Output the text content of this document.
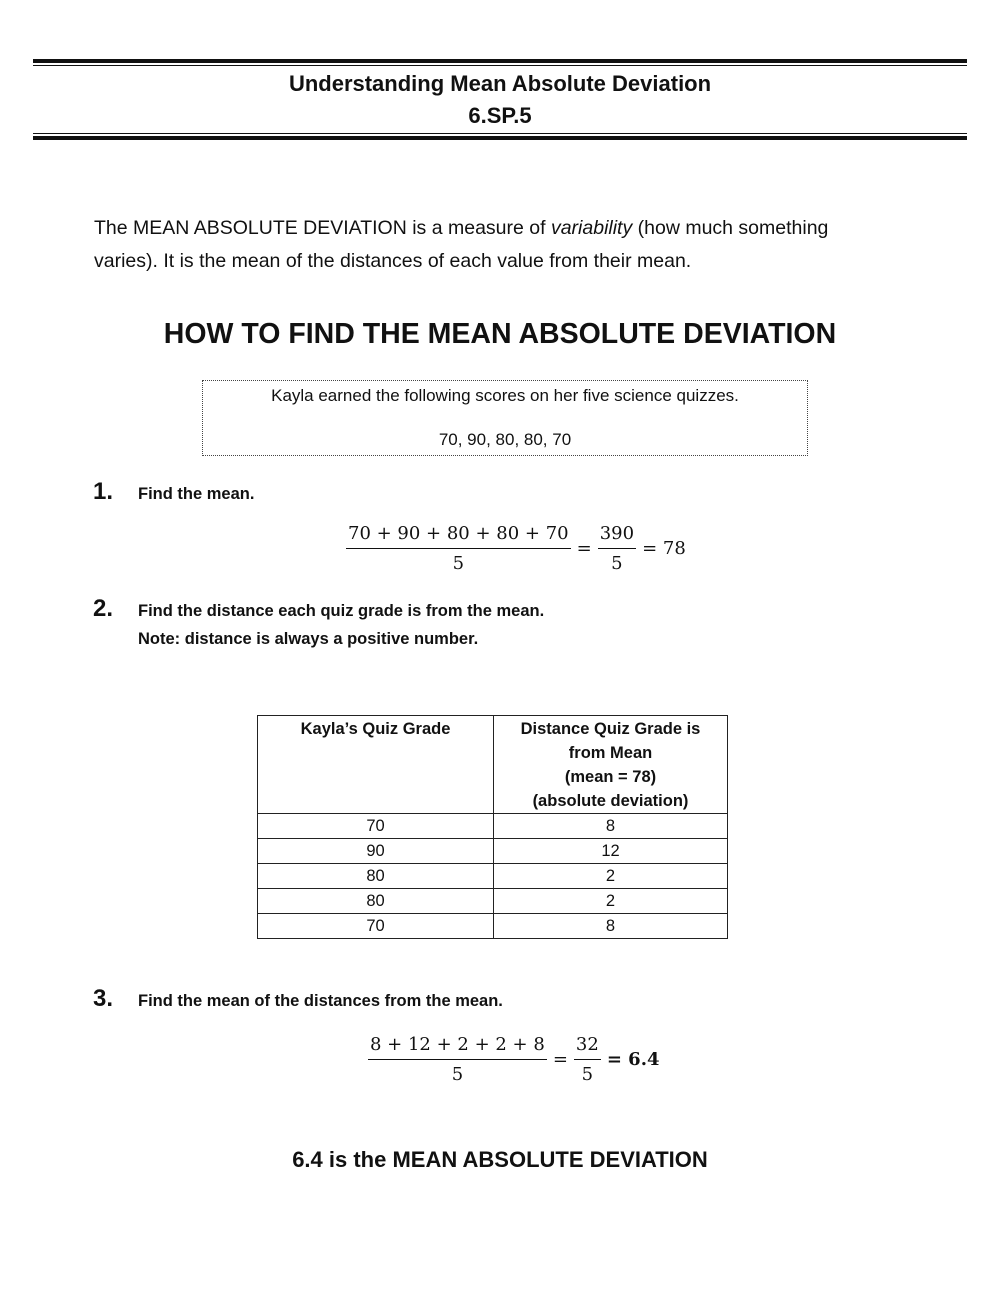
Understanding Mean Absolute Deviation
6.SP.5
The MEAN ABSOLUTE DEVIATION is a measure of variability (how much something varies). It is the mean of the distances of each value from their mean.
HOW TO FIND THE MEAN ABSOLUTE DEVIATION
Kayla earned the following scores on her five science quizzes.
70, 90, 80, 80, 70
1. Find the mean.
$\frac{70 + 90 + 80 + 80 + 70}{5} = \frac{390}{5} = 78$
2. Find the distance each quiz grade is from the mean.
Note: distance is always a positive number.
Kayla’s Quiz Grade	Distance Quiz Grade is
from Mean
(mean = 78)
(absolute deviation)

70	8
90	12
80	2
80	2
70	8
3. Find the mean of the distances from the mean.
$\frac{8 + 12 + 2 + 2 + 8}{5} = \frac{32}{5} = 6.4$
6.4 is the MEAN ABSOLUTE DEVIATION
